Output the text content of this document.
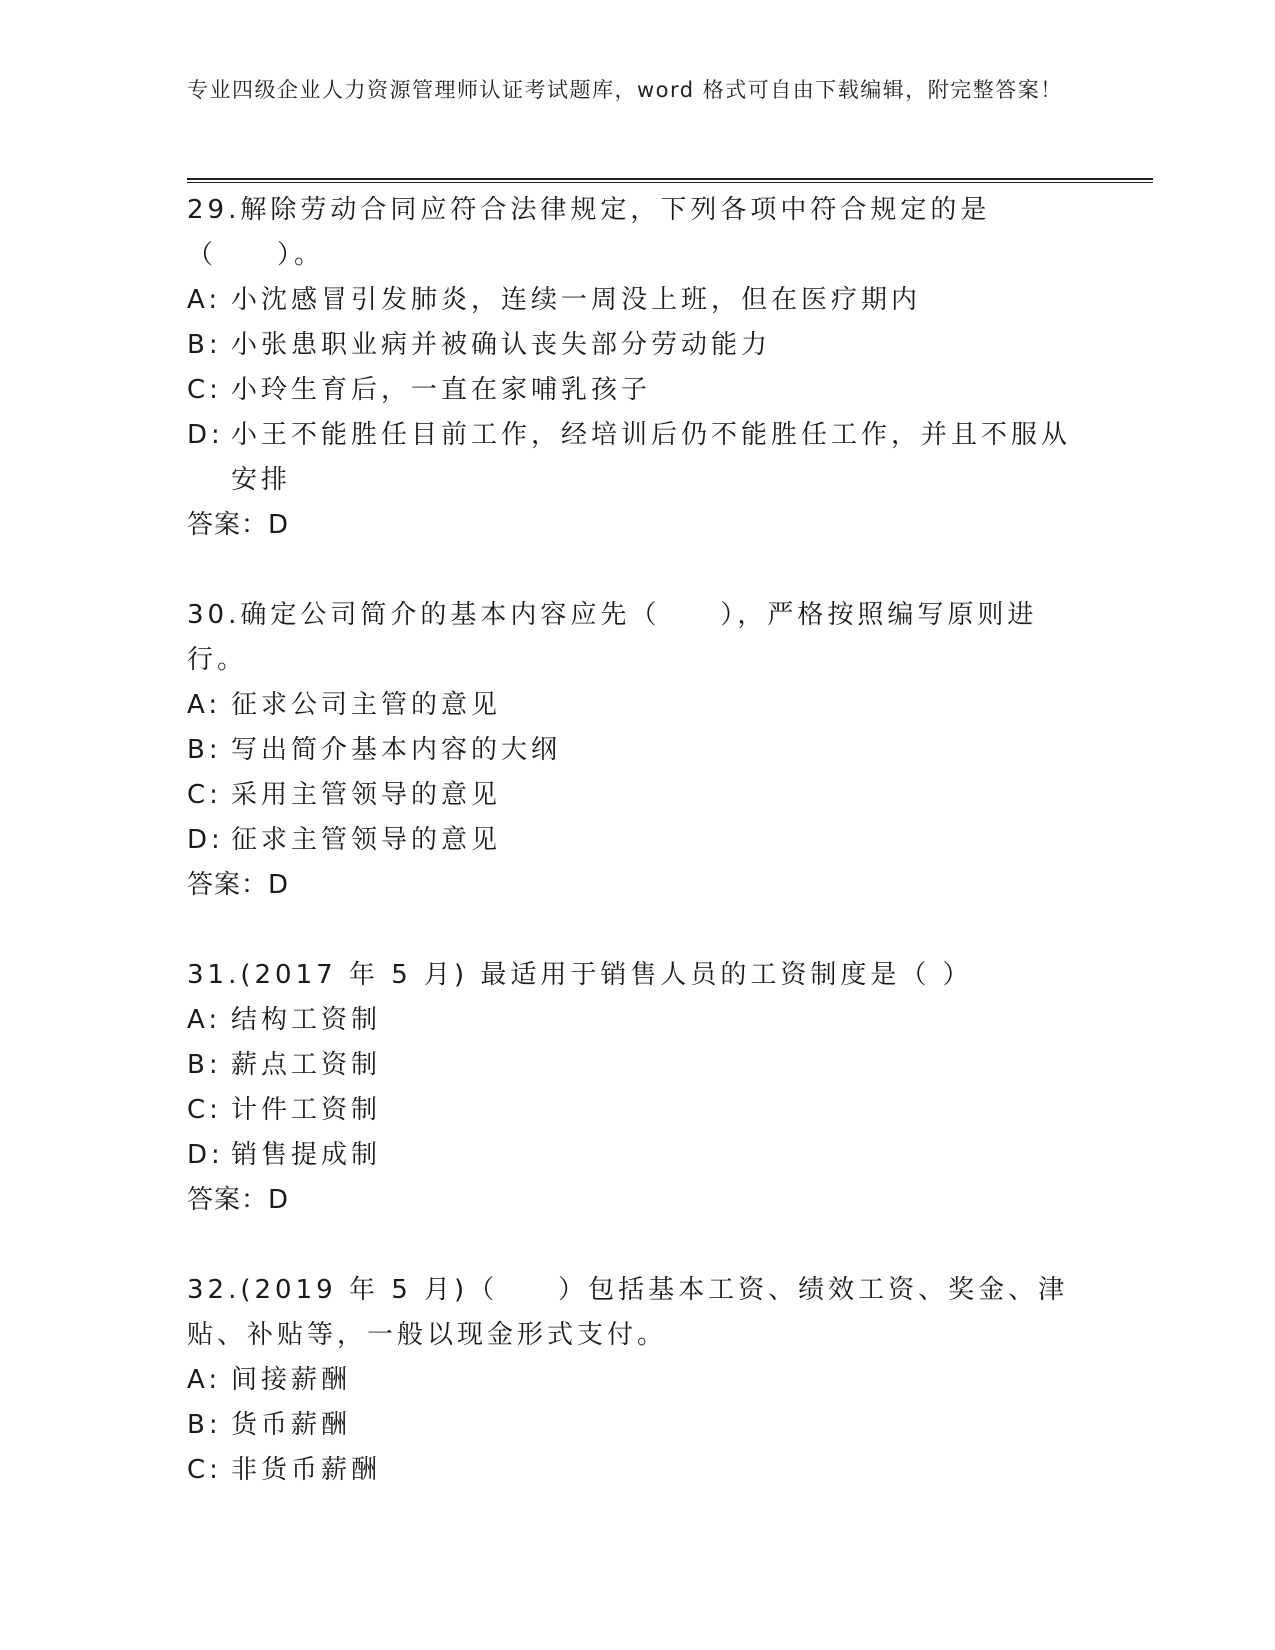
专业四级企业人力资源管理师认证考试题库，word 格式可自由下载编辑，附完整答案！

29.解除劳动合同应符合法律规定，下列各项中符合规定的是（　　）。

A: 小沈感冒引发肺炎，连续一周没上班，但在医疗期内
B: 小张患职业病并被确认丧失部分劳动能力
C: 小玲生育后，一直在家哺乳孩子
D: 小王不能胜任目前工作，经培训后仍不能胜任工作，并且不服从安排

答案：D

30.确定公司简介的基本内容应先（　　），严格按照编写原则进行。

A: 征求公司主管的意见
B: 写出简介基本内容的大纲
C: 采用主管领导的意见
D: 征求主管领导的意见

答案：D

31.(2017 年 5 月) 最适用于销售人员的工资制度是（ ）

A: 结构工资制
B: 薪点工资制
C: 计件工资制
D: 销售提成制

答案：D

32.(2019 年 5 月)（　　）包括基本工资、绩效工资、奖金、津贴、补贴等，一般以现金形式支付。

A: 间接薪酬
B: 货币薪酬
C: 非货币薪酬
